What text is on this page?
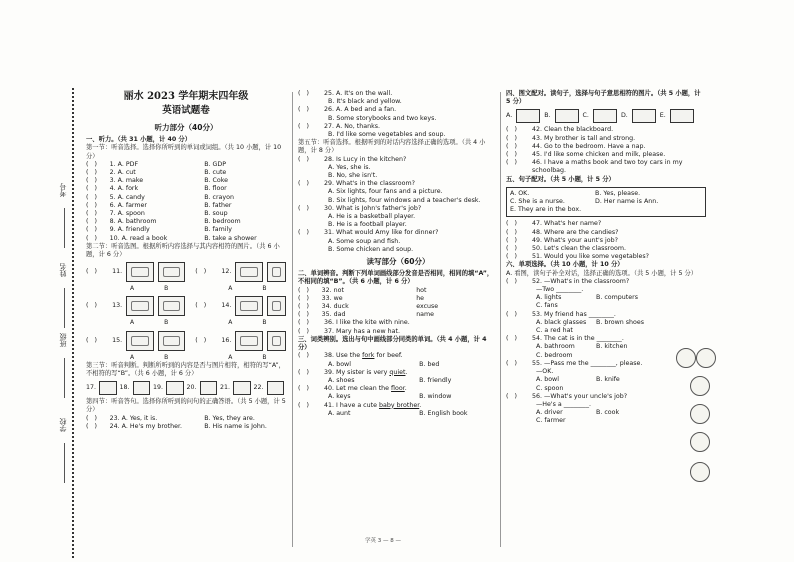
考号
姓名
班级
学校
丽水 2023 学年期末四年级
英语试题卷
听力部分（40分）
一、听力。（共 31 小题，计 40 分）
第一节：听音选择。选择你所听到的单词或词组。（共 10 小题，计 10 分）
(   )	1. A. PDF	B. GDP
(   )	2. A. cut	B. cute
(   )	3. A. make	B. Coke
(   )	4. A. fork	B. floor
(   )	5. A. candy	B. crayon
(   )	6. A. farmer	B. father
(   )	7. A. spoon	B. soup
(   )	8. A. bathroom	B. bedroom
(   )	9. A. friendly	B. family
(   )	10. A. read a book	B. take a shower
第二节：听音选图。根据所听内容选择与其内容相符的图片。（共 6 小题，计 6 分）
(   )	11.	(   )	12.
A	B	A	B
(   )	13.	(   )	14.
A	B	A	B
(   )	15.	(   )	16.
A	B	A	B
第三节：听音判断。判断所听到的内容是否与图片相符，相符的写“A”，不相符的写“B”。（共 6 小题，计 6 分）
17.	18.	19.	20.	21.	22.
第四节：听音答句。选择你所听到的问句的正确答语。（共 5 小题，计 5 分）
(   )	23. A. Yes, it is.	B. Yes, they are.
(   )	24. A. He's my brother.	B. His name is John.
(   ) 25. A. It's on the wall.
B. It's black and yellow.
(   ) 26. A. A bed and a fan.
B. Some storybooks and two keys.
(   ) 27. A. No, thanks.
B. I'd like some vegetables and soup.
第五节：听音选择。根据听到的对话内容选择正确的选项。（共 4 小题，计 8 分）
(   ) 28. Is Lucy in the kitchen?
A. Yes, she is.
B. No, she isn't.
(   ) 29. What's in the classroom?
A. Six lights, four fans and a picture.
B. Six lights, four windows and a teacher's desk.
(   ) 30. What is John's father's job?
A. He is a basketball player.
B. He is a football player.
(   ) 31. What would Amy like for dinner?
A. Some soup and fish.
B. Some chicken and soup.
读写部分（60分）
二、单词辨音。判断下列单词画线部分发音是否相同，相同的填“A”，不相同的填“B”。（共 6 小题，计 6 分）
(   )	32. not	hot
(   )	33. we	he
(   )	34. duck	excuse
(   )	35. dad	name
(   )	36. I like the kite with nine.
(   )	37. Mary has a new hat.
三、词类辨别。选出与句中画线部分同类的单词。（共 4 小题，计 4 分）
(   ) 38. Use the fork for beef.
A. bowl	B. bed
(   ) 39. My sister is very quiet.
A. shoes	B. friendly
(   ) 40. Let me clean the floor.
A. keys	B. window
(   ) 41. I have a cute baby brother.
A. aunt	B. English book
四、图文配对。读句子，选择与句子意思相符的图片。（共 5 小题，计 5 分）
A.	B.	C.	D.	E.
(   ) 42. Clean the blackboard.
(   ) 43. My brother is tall and strong.
(   ) 44. Go to the bedroom. Have a nap.
(   ) 45. I'd like some chicken and milk, please.
(   )	46. I have a maths book and two toy cars in my schoolbag.
五、句子配对。（共 5 小题，计 5 分）
A. OK.	B. Yes, please.
C. She is a nurse.	D. Her name is Ann.
E. They are in the box.
(   ) 47. What's her name?
(   ) 48. Where are the candies?
(   ) 49. What's your aunt's job?
(   ) 50. Let's clean the classroom.
(   ) 51. Would you like some vegetables?
六、单项选择。（共 10 小题，计 10 分）
A. 看图，读句子补全对话，选择正确的选项。（共 5 小题，计 5 分）
(   ) 52. —What's in the classroom?
—Two ________.
A. lights	B. computers
C. fans
(   ) 53. My friend has ________.
A. black glasses	B. brown shoes
C. a red hat
(   ) 54. The cat is in the ________.
A. bathroom	B. kitchen
C. bedroom
(   ) 55. —Pass me the ________, please.
—OK.
A. bowl	B. knife
C. spoon
(   ) 56. —What's your uncle's job?
—He's a ________.
A. driver	B. cook
C. farmer
学英 3 — 8 —
